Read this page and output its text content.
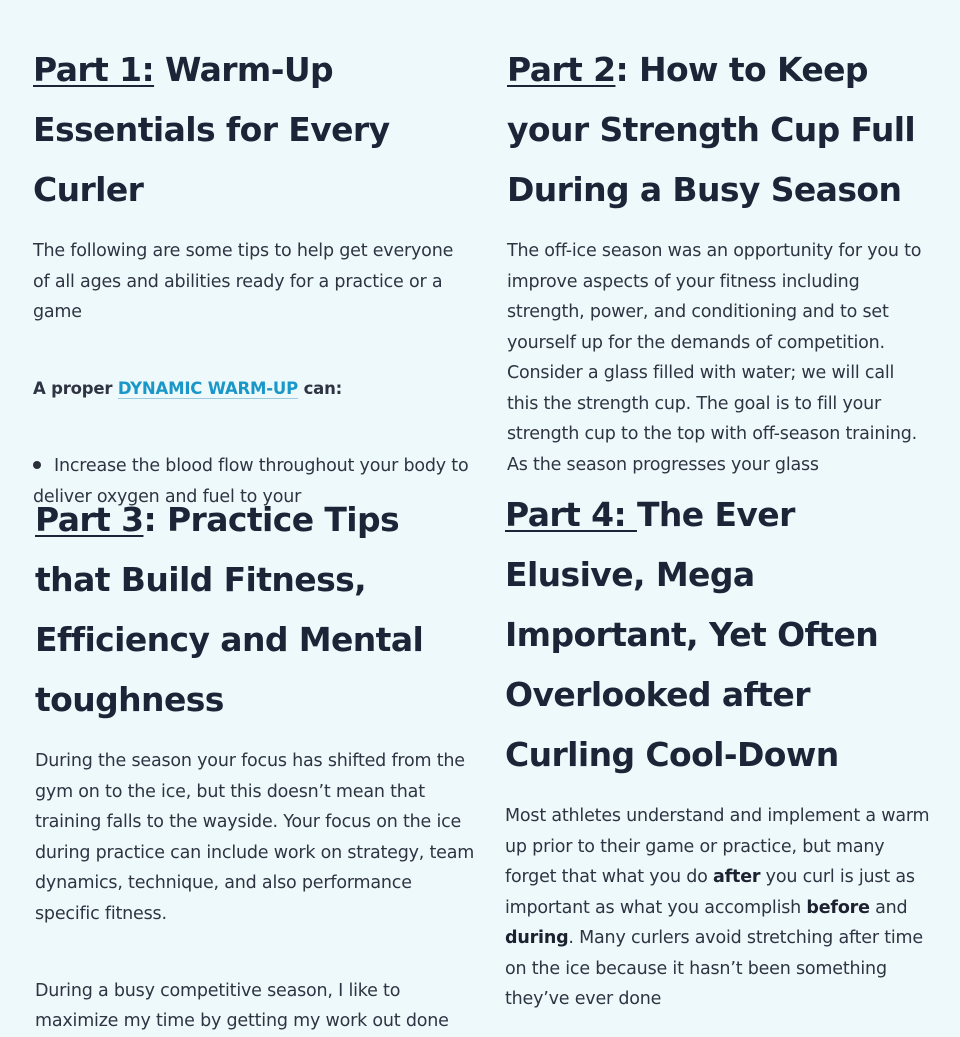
Part 1: Warm-Up Essentials for Every Curler

The following are some tips to help get everyone of all ages and abilities ready for a practice or a game

A proper DYNAMIC WARM-UP can:

Increase the blood flow throughout your body to deliver oxygen and fuel to your

Part 2: How to Keep your Strength Cup Full During a Busy Season

The off-ice season was an opportunity for you to improve aspects of your fitness including strength, power, and conditioning and to set yourself up for the demands of competition. Consider a glass filled with water; we will call this the strength cup. The goal is to fill your strength cup to the top with off-season training. As the season progresses your glass

Part 3: Practice Tips that Build Fitness, Efficiency and Mental toughness

During the season your focus has shifted from the gym on to the ice, but this doesn’t mean that training falls to the wayside. Your focus on the ice during practice can include work on strategy, team dynamics, technique, and also performance specific fitness.

During a busy competitive season, I like to maximize my time by getting my work out done

Part 4: The Ever Elusive, Mega Important, Yet Often Overlooked after Curling Cool-Down

Most athletes understand and implement a warm up prior to their game or practice, but many forget that what you do after you curl is just as important as what you accomplish before and during. Many curlers avoid stretching after time on the ice because it hasn’t been something they’ve ever done
